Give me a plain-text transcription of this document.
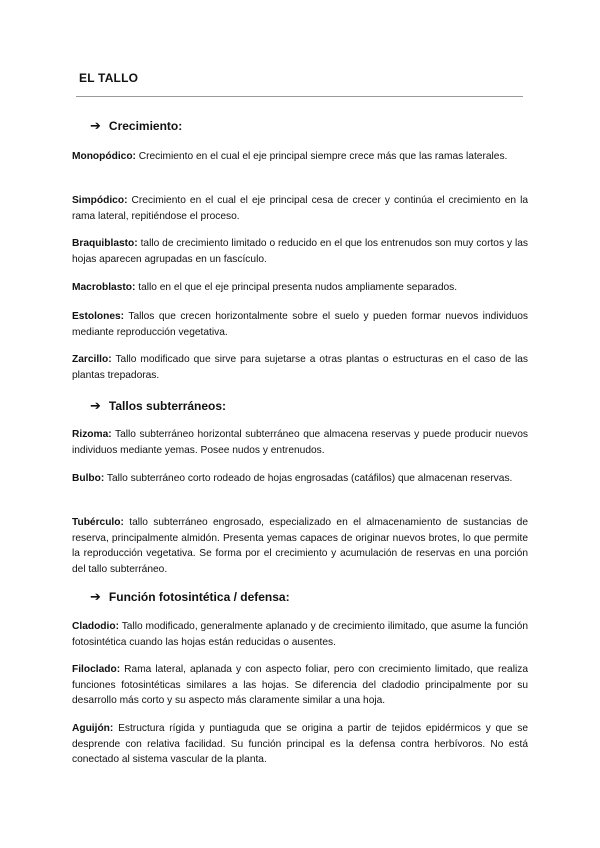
EL TALLO
➔ Crecimiento:

Monopódico: Crecimiento en el cual el eje principal siempre crece más que las ramas laterales.

Simpódico: Crecimiento en el cual el eje principal cesa de crecer y continúa el crecimiento en la rama lateral, repitiéndose el proceso.

Braquiblasto: tallo de crecimiento limitado o reducido en el que los entrenudos son muy cortos y las hojas aparecen agrupadas en un fascículo.

Macroblasto: tallo en el que el eje principal presenta nudos ampliamente separados.

Estolones: Tallos que crecen horizontalmente sobre el suelo y pueden formar nuevos individuos mediante reproducción vegetativa.

Zarcillo: Tallo modificado que sirve para sujetarse a otras plantas o estructuras en el caso de las plantas trepadoras.

➔ Tallos subterráneos:

Rizoma: Tallo subterráneo horizontal subterráneo que almacena reservas y puede producir nuevos individuos mediante yemas. Posee nudos y entrenudos.

Bulbo: Tallo subterráneo corto rodeado de hojas engrosadas (catáfilos) que almacenan reservas.

Tubérculo: tallo subterráneo engrosado, especializado en el almacenamiento de sustancias de reserva, principalmente almidón. Presenta yemas capaces de originar nuevos brotes, lo que permite la reproducción vegetativa. Se forma por el crecimiento y acumulación de reservas en una porción del tallo subterráneo.

➔ Función fotosintética / defensa:

Cladodio: Tallo modificado, generalmente aplanado y de crecimiento ilimitado, que asume la función fotosintética cuando las hojas están reducidas o ausentes.

Filoclado: Rama lateral, aplanada y con aspecto foliar, pero con crecimiento limitado, que realiza funciones fotosintéticas similares a las hojas. Se diferencia del cladodio principalmente por su desarrollo más corto y su aspecto más claramente similar a una hoja.

Aguijón: Estructura rígida y puntiaguda que se origina a partir de tejidos epidérmicos y que se desprende con relativa facilidad. Su función principal es la defensa contra herbívoros. No está conectado al sistema vascular de la planta.
